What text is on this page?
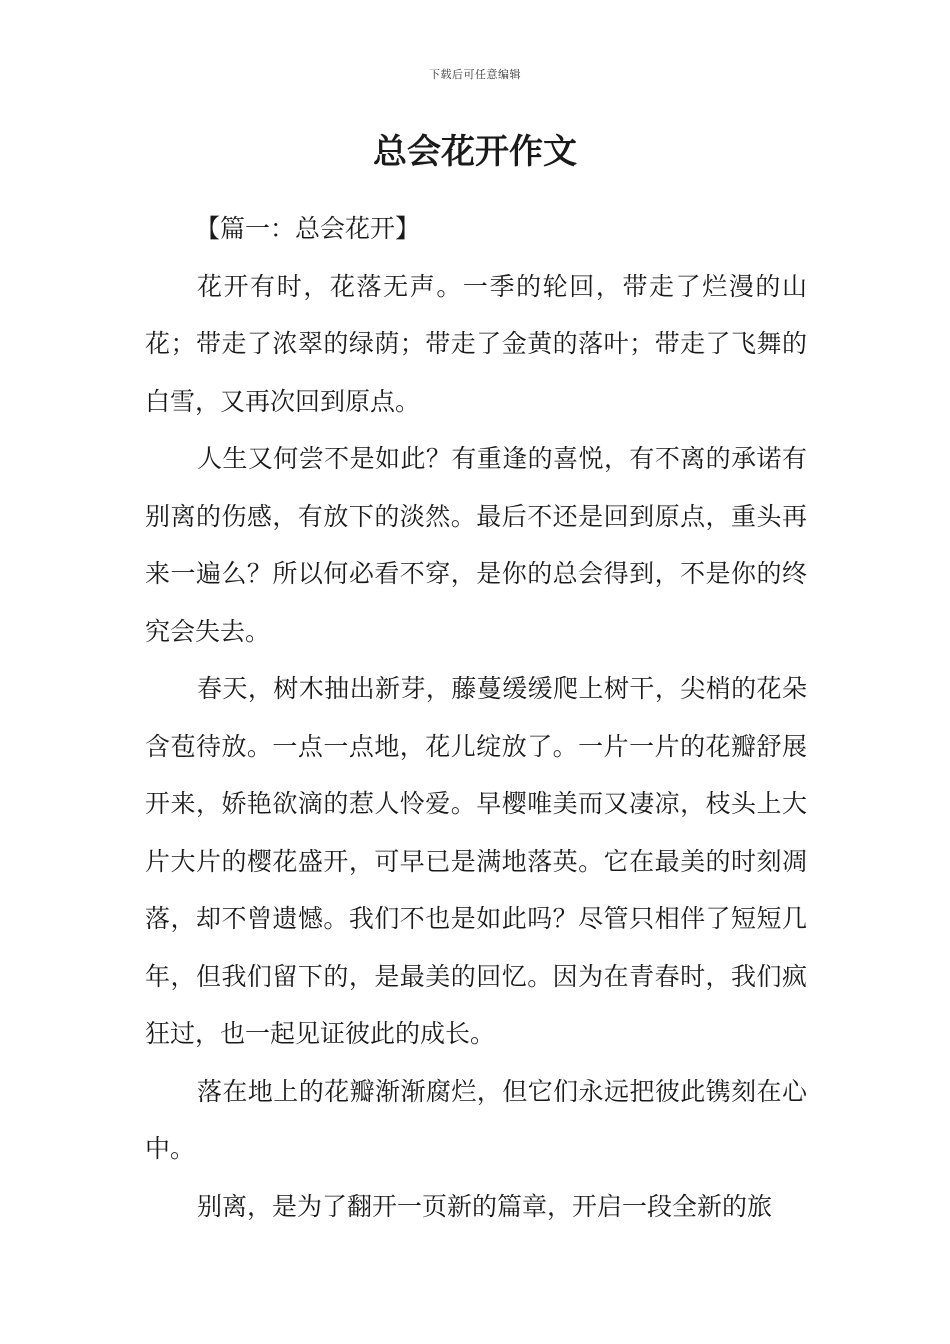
下载后可任意编辑
总会花开作文

【篇一：总会花开】

花开有时，花落无声。一季的轮回，带走了烂漫的山花；带走了浓翠的绿荫；带走了金黄的落叶；带走了飞舞的白雪，又再次回到原点。

人生又何尝不是如此？有重逢的喜悦，有不离的承诺有别离的伤感，有放下的淡然。最后不还是回到原点，重头再来一遍么？所以何必看不穿，是你的总会得到，不是你的终究会失去。

春天，树木抽出新芽，藤蔓缓缓爬上树干，尖梢的花朵含苞待放。一点一点地，花儿绽放了。一片一片的花瓣舒展开来，娇艳欲滴的惹人怜爱。早樱唯美而又凄凉，枝头上大片大片的樱花盛开，可早已是满地落英。它在最美的时刻凋落，却不曾遗憾。我们不也是如此吗？尽管只相伴了短短几年，但我们留下的，是最美的回忆。因为在青春时，我们疯狂过，也一起见证彼此的成长。

落在地上的花瓣渐渐腐烂，但它们永远把彼此镌刻在心中。

别离，是为了翻开一页新的篇章，开启一段全新的旅
